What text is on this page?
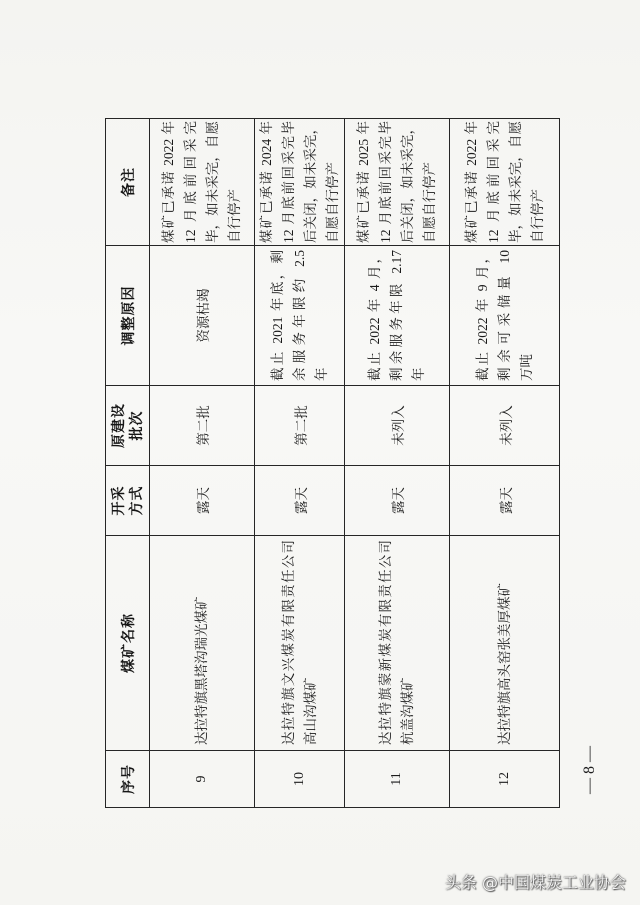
序号
煤矿名称
开采 方式
原建设 批次
调整原因
备注
9
达拉特旗黑塔沟瑞光煤矿
露天
第二批
资源枯竭
煤矿已承诺 2022 年 12 月底前回采完 毕，如未采完，自愿 自行停产
10
达拉特旗文兴煤炭有限责任公司 高山沟煤矿
露天
第二批
截止 2021 年底，剩 余服务年限约 2.5 年
煤矿已承诺 2024 年 12 月底前回采完毕 后关闭，如未采完， 自愿自行停产
11
达拉特旗蒙新煤炭有限责任公司 杭盖沟煤矿
露天
未列入
截止 2022 年 4 月， 剩余服务年限 2.17 年
煤矿已承诺 2025 年 12 月底前回采完毕 后关闭，如未采完， 自愿自行停产
12
达拉特旗高头窑张美厚煤矿
露天
未列入
截止 2022 年 9 月， 剩余可采储量 10 万吨
煤矿已承诺 2022 年 12 月底前回采完 毕，如未采完，自愿 自行停产
— 8 —
头条 @中国煤炭工业协会
